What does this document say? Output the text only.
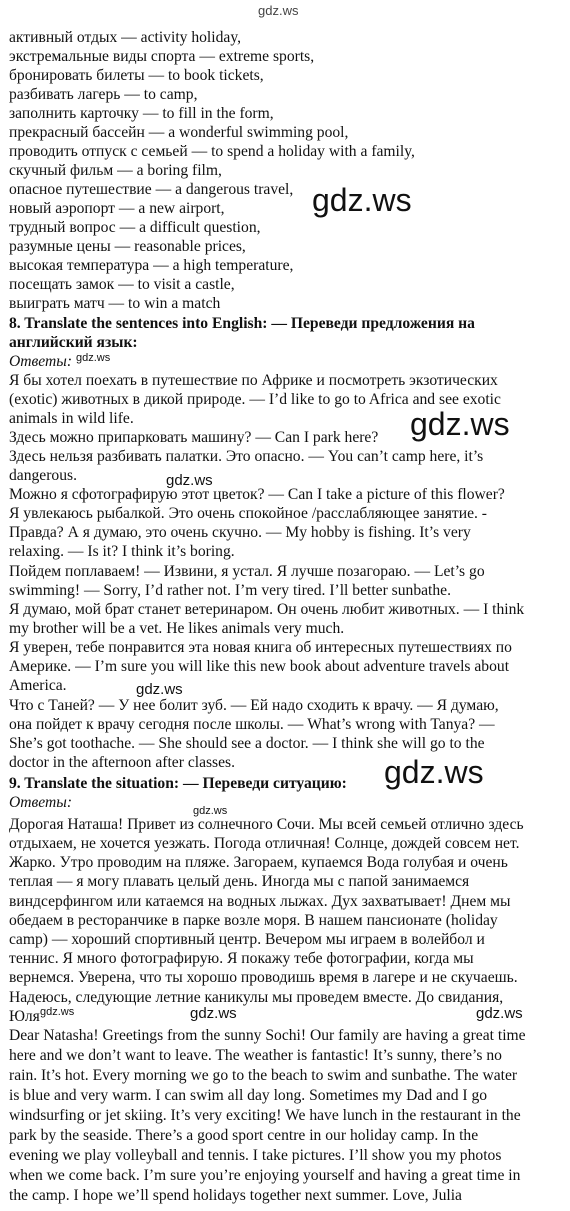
gdz.ws
gdz.ws
gdz.ws
gdz.ws
gdz.ws
gdz.ws
gdz.ws
gdz.ws
gdz.ws	gdz.ws	gdz.ws
активный отдых — activity holiday,
экстремальные виды спорта — extreme sports,
бронировать билеты — to book tickets,
разбивать лагерь — to camp,
заполнить карточку — to fill in the form,
прекрасный бассейн — a wonderful swimming pool,
проводить отпуск с семьей — to spend a holiday with a family,
скучный фильм — a boring film,
опасное путешествие — a dangerous travel,
новый аэропорт — a new airport,
трудный вопрос — a difficult question,
разумные цены — reasonable prices,
высокая температура — a high temperature,
посещать замок — to visit a castle,
выиграть матч — to win a match
8. Translate the sentences into English: — Переведи предложения на
английский язык:
Ответы:
Я бы хотел поехать в путешествие по Африке и посмотреть экзотических
(exotic) животных в дикой природе. — I’d like to go to Africa and see exotic
animals in wild life.
Здесь можно припарковать машину? — Can I park here?
Здесь нельзя разбивать палатки. Это опасно. — You can’t camp here, it’s
dangerous.
Можно я сфотографирую этот цветок? — Can I take a picture of this flower?
Я увлекаюсь рыбалкой. Это очень спокойное /расслабляющее занятие. -
Правда? А я думаю, это очень скучно. — My hobby is fishing. It’s very
relaxing. — Is it? I think it’s boring.
Пойдем поплаваем! — Извини, я устал. Я лучше позагораю. — Let’s go
swimming! — Sorry, I’d rather not. I’m very tired. I’ll better sunbathe.
Я думаю, мой брат станет ветеринаром. Он очень любит животных. — I think
my brother will be a vet. He likes animals very much.
Я уверен, тебе понравится эта новая книга об интересных путешествиях по
Америке. — I’m sure you will like this new book about adventure travels about
America.
Что с Таней? — У нее болит зуб. — Ей надо сходить к врачу. — Я думаю,
она пойдет к врачу сегодня после школы. — What’s wrong with Tanya? —
She’s got toothache. — She should see a doctor. — I think she will go to the
doctor in the afternoon after classes.
9. Translate the situation: — Переведи ситуацию:
Ответы:
Дорогая Наташа! Привет из солнечного Сочи. Мы всей семьей отлично здесь
отдыхаем, не хочется уезжать. Погода отличная! Солнце, дождей совсем нет.
Жарко. Утро проводим на пляже. Загораем, купаемся Вода голубая и очень
теплая — я могу плавать целый день. Иногда мы с папой занимаемся
виндсерфингом или катаемся на водных лыжах. Дух захватывает! Днем мы
обедаем в ресторанчике в парке возле моря. В нашем пансионате (holiday
camp) — хороший спортивный центр. Вечером мы играем в волейбол и
теннис. Я много фотографирую. Я покажу тебе фотографии, когда мы
вернемся. Уверена, что ты хорошо проводишь время в лагере и не скучаешь.
Надеюсь, следующие летние каникулы мы проведем вместе. До свидания,
Юля
Dear Natasha! Greetings from the sunny Sochi! Our family are having a great time
here and we don’t want to leave. The weather is fantastic! It’s sunny, there’s no
rain. It’s hot. Every morning we go to the beach to swim and sunbathe. The water
is blue and very warm. I can swim all day long. Sometimes my Dad and I go
windsurfing or jet skiing. It’s very exciting! We have lunch in the restaurant in the
park by the seaside. There’s a good sport centre in our holiday camp. In the
evening we play volleyball and tennis. I take pictures. I’ll show you my photos
when we come back. I’m sure you’re enjoying yourself and having a great time in
the camp. I hope we’ll spend holidays together next summer. Love, Julia
